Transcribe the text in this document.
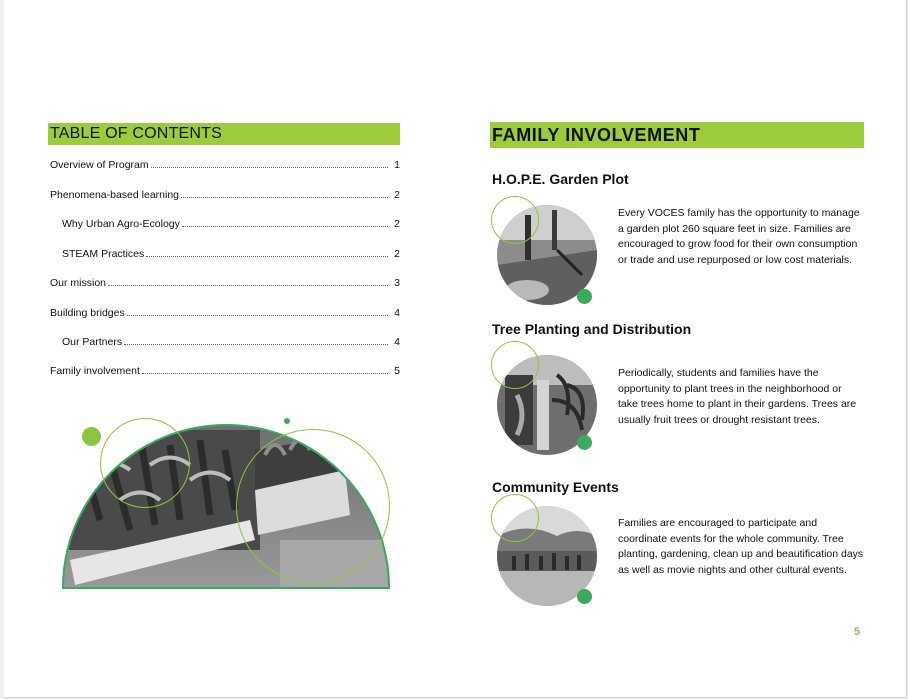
TABLE OF CONTENTS
Overview of Program	1
Phenomena-based learning	2
Why Urban Agro-Ecology	2
STEAM Practices	2
Our mission	3
Building bridges	4
Our Partners	4
Family involvement	5
FAMILY INVOLVEMENT
H.O.P.E. Garden Plot
Every VOCES family has the opportunity to manage a garden plot 260 square feet in size. Families are encouraged to grow food for their own consumption or trade and use repurposed or low cost materials.
Tree Planting and Distribution
Periodically, students and families have the opportunity to plant trees in the neighborhood or take trees home to plant in their gardens. Trees are usually fruit trees or drought resistant trees.
Community Events
Families are encouraged to participate and coordinate events for the whole community. Tree planting, gardening, clean up and beautification days as well as movie nights and other cultural events.
5
